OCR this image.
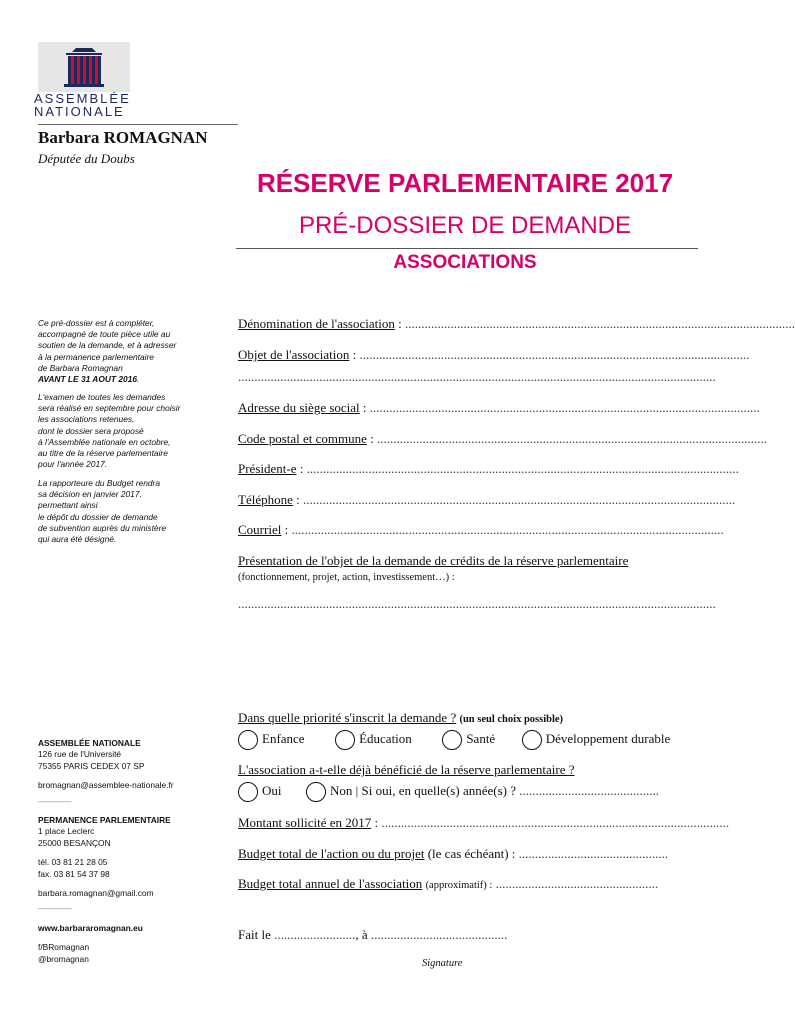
ASSEMBLÉE
NATIONALE
Barbara ROMAGNAN
Députée du Doubs
RÉSERVE PARLEMENTAIRE 2017
PRÉ-DOSSIER DE DEMANDE
ASSOCIATIONS
Ce pré-dossier est à compléter,
accompagné de toute pièce utile au
soutien de la demande, et à adresser
à la permanence parlementaire
de Barbara Romagnan
AVANT LE 31 AOUT 2016.
L'examen de toutes les demandes
sera réalisé en septembre pour choisir
les associations retenues,
dont le dossier sera proposé
à l'Assemblée nationale en octobre,
au titre de la réserve parlementaire
pour l'année 2017.
La rapporteure du Budget rendra
sa décision en janvier 2017,
permettant ainsi
le dépôt du dossier de demande
de subvention auprès du ministère
qui aura été désigné.
Dénomination de l'association : ........................................................................................................................
Objet de l'association : ........................................................................................................................
...................................................................................................................................................
Adresse du siège social : ........................................................................................................................
Code postal et commune : ........................................................................................................................
Président-e : .....................................................................................................................................
Téléphone : .....................................................................................................................................
Courriel : .....................................................................................................................................
Présentation de l'objet de la demande de crédits de la réserve parlementaire
(fonctionnement, projet, action, investissement…) :
...................................................................................................................................................
Dans quelle priorité s'inscrit la demande ? (un seul choix possible)
Enfance	Éducation	Santé	Développement durable
L'association a-t-elle déjà bénéficié de la réserve parlementaire ?
Oui	Non | Si oui, en quelle(s) année(s) ? ...........................................
Montant sollicité en 2017 : ...........................................................................................................
Budget total de l'action ou du projet (le cas échéant) : ..............................................
Budget total annuel de l'association (approximatif) : ..................................................
Fait le ........................., à ..........................................
Signature
ASSEMBLÉE NATIONALE
126 rue de l'Université
75355 PARIS CEDEX 07 SP
bromagnan@assemblee-nationale.fr
————
PERMANENCE PARLEMENTAIRE
1 place Leclerc
25000 BESANÇON
tél. 03 81 21 28 05
fax. 03 81 54 37 98
barbara.romagnan@gmail.com
————
www.barbararomagnan.eu
f/BRomagnan
@bromagnan
